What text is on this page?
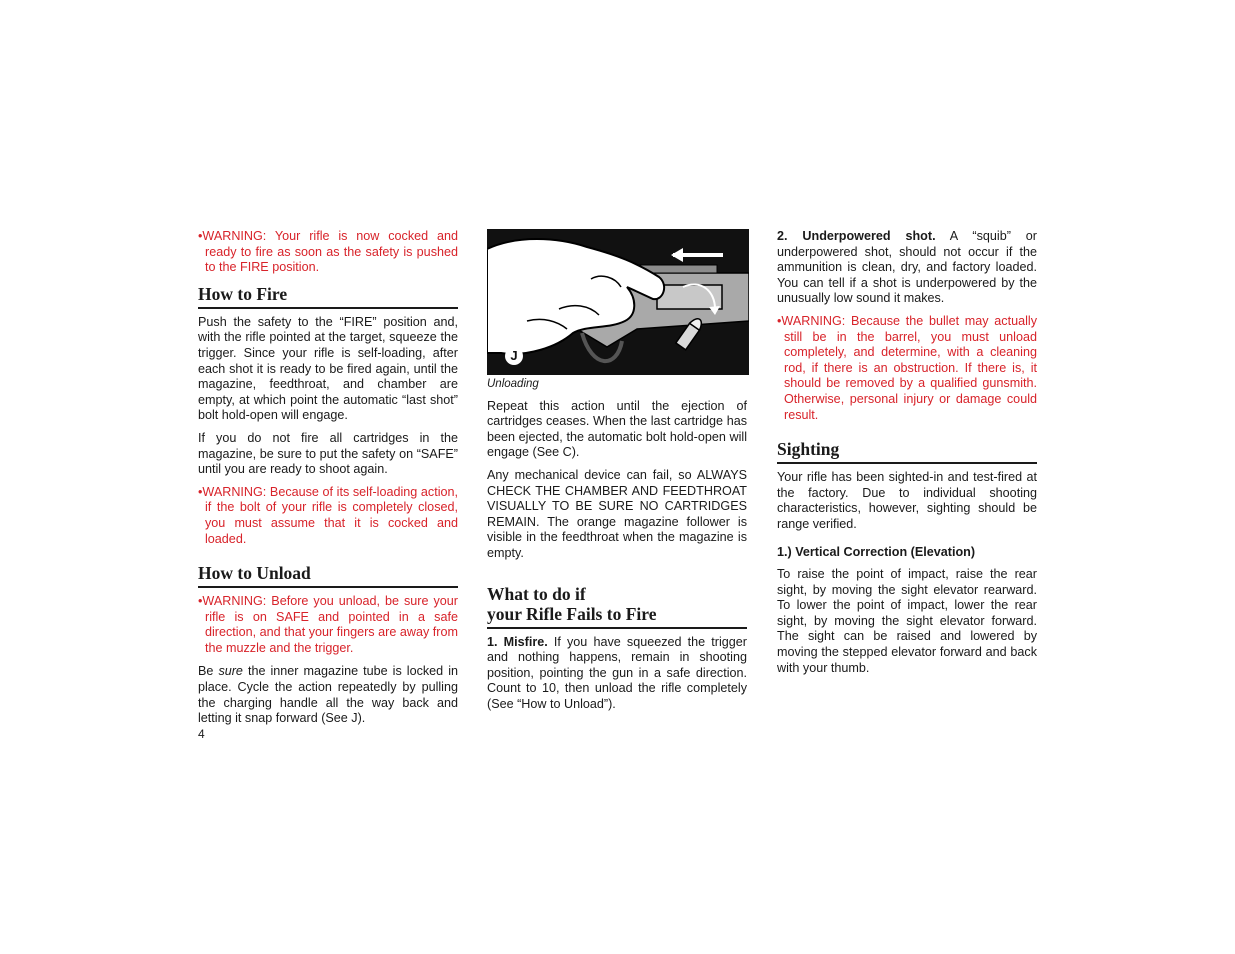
•WARNING: Your rifle is now cocked and ready to fire as soon as the safety is pushed to the FIRE position.

How to Fire

Push the safety to the “FIRE” position and, with the rifle pointed at the target, squeeze the trigger. Since your rifle is self-loading, after each shot it is ready to be fired again, until the magazine, feedthroat, and chamber are empty, at which point the automatic “last shot” bolt hold-open will engage.

If you do not fire all cartridges in the magazine, be sure to put the safety on “SAFE” until you are ready to shoot again.

•WARNING: Because of its self-loading action, if the bolt of your rifle is completely closed, you must assume that it is cocked and loaded.

How to Unload

•WARNING: Before you unload, be sure your rifle is on SAFE and pointed in a safe direction, and that your fingers are away from the muzzle and the trigger.

Be sure the inner magazine tube is locked in place. Cycle the action repeatedly by pulling the charging handle all the way back and letting it snap forward (See J).

J
Unloading

Repeat this action until the ejection of cartridges ceases. When the last cartridge has been ejected, the automatic bolt hold-open will engage (See C).

Any mechanical device can fail, so ALWAYS CHECK THE CHAMBER AND FEEDTHROAT VISUALLY TO BE SURE NO CARTRIDGES REMAIN. The orange magazine follower is visible in the feedthroat when the magazine is empty.

What to do if
your Rifle Fails to Fire

1. Misfire. If you have squeezed the trigger and nothing happens, remain in shooting position, pointing the gun in a safe direction. Count to 10, then unload the rifle completely (See “How to Unload”).

2. Underpowered shot. A “squib” or underpowered shot, should not occur if the ammunition is clean, dry, and factory loaded. You can tell if a shot is underpowered by the unusually low sound it makes.

•WARNING: Because the bullet may actually still be in the barrel, you must unload completely, and determine, with a cleaning rod, if there is an obstruction. If there is, it should be removed by a qualified gunsmith. Otherwise, personal injury or damage could result.

Sighting

Your rifle has been sighted-in and test-fired at the factory. Due to individual shooting characteristics, however, sighting should be range verified.

1.) Vertical Correction (Elevation)

To raise the point of impact, raise the rear sight, by moving the sight elevator rearward. To lower the point of impact, lower the rear sight, by moving the sight elevator forward. The sight can be raised and lowered by moving the stepped elevator forward and back with your thumb.

4
